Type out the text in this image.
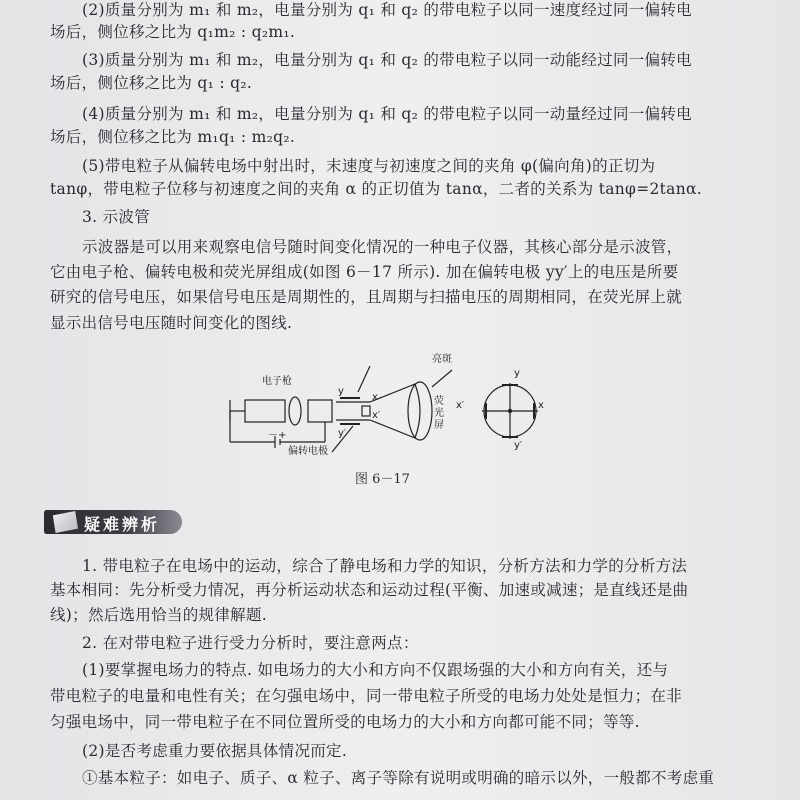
(2)质量分别为 m₁ 和 m₂，电量分别为 q₁ 和 q₂ 的带电粒子以同一速度经过同一偏转电
场后，侧位移之比为 q₁m₂ : q₂m₁.
(3)质量分别为 m₁ 和 m₂，电量分别为 q₁ 和 q₂ 的带电粒子以同一动能经过同一偏转电
场后，侧位移之比为 q₁ : q₂.
(4)质量分别为 m₁ 和 m₂，电量分别为 q₁ 和 q₂ 的带电粒子以同一动量经过同一偏转电
场后，侧位移之比为 m₁q₁ : m₂q₂.
(5)带电粒子从偏转电场中射出时，末速度与初速度之间的夹角 φ(偏向角)的正切为
tanφ，带电粒子位移与初速度之间的夹角 α 的正切值为 tanα，二者的关系为 tanφ=2tanα.
3. 示波管
示波器是可以用来观察电信号随时间变化情况的一种电子仪器，其核心部分是示波管，
它由电子枪、偏转电极和荧光屏组成(如图 6－17 所示). 加在偏转电极 yy′上的电压是所要
研究的信号电压，如果信号电压是周期性的，且周期与扫描电压的周期相同，在荧光屏上就
显示出信号电压随时间变化的图线.
电子枪
偏转电极
亮斑
荧
光
屏
x
x′
y
y′
x′	x
y
y′
－+
图 6－17
疑难辨析
1. 带电粒子在电场中的运动，综合了静电场和力学的知识，分析方法和力学的分析方法
基本相同：先分析受力情况，再分析运动状态和运动过程(平衡、加速或减速；是直线还是曲
线)；然后选用恰当的规律解题.
2. 在对带电粒子进行受力分析时，要注意两点：
(1)要掌握电场力的特点. 如电场力的大小和方向不仅跟场强的大小和方向有关，还与
带电粒子的电量和电性有关；在匀强电场中，同一带电粒子所受的电场力处处是恒力；在非
匀强电场中，同一带电粒子在不同位置所受的电场力的大小和方向都可能不同；等等.
(2)是否考虑重力要依据具体情况而定.
①基本粒子：如电子、质子、α 粒子、离子等除有说明或明确的暗示以外，一般都不考虑重
